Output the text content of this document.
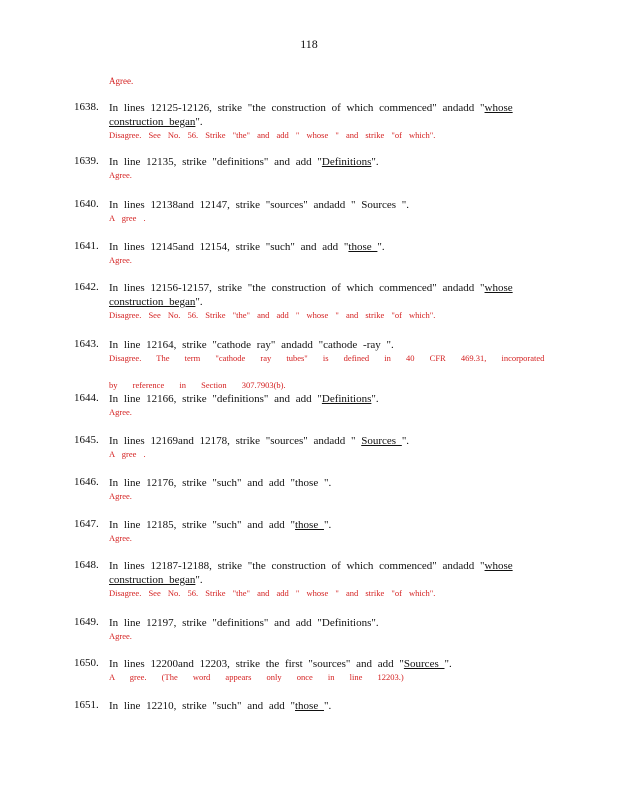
118
Agree.
1638. In lines 12125-12126, strike "the construction of which commenced" andadd "whose
construction began".
Disagree. See No. 56. Strike "the" and add " whose " and strike "of which".
1639. In line 12135, strike "definitions" and add "Definitions".
Agree.
1640. In lines 12138and 12147, strike "sources" andadd " Sources ".
A gree .
1641. In lines 12145and 12154, strike "such" and add "those ".
Agree.
1642. In lines 12156-12157, strike "the construction of which commenced" andadd "whose
construction began".
Disagree. See No. 56. Strike "the" and add " whose " and strike "of which".
1643. In line 12164, strike "cathode ray" andadd "cathode -ray ".
Disagree. The term "cathode ray tubes" is defined in 40 CFR 469.31, incorporated
by reference in Section 307.7903(b).
1644. In line 12166, strike "definitions" and add "Definitions".
Agree.
1645. In lines 12169and 12178, strike "sources" andadd " Sources ".
A gree .
1646. In line 12176, strike "such" and add "those ".
Agree.
1647. In line 12185, strike "such" and add "those ".
Agree.
1648. In lines 12187-12188, strike "the construction of which commenced" andadd "whose
construction began".
Disagree. See No. 56. Strike "the" and add " whose " and strike "of which".
1649. In line 12197, strike "definitions" and add "Definitions".
Agree.
1650. In lines 12200and 12203, strike the first "sources" and add "Sources ".
A gree. (The word appears only once in line 12203.)
1651. In line 12210, strike "such" and add "those ".
